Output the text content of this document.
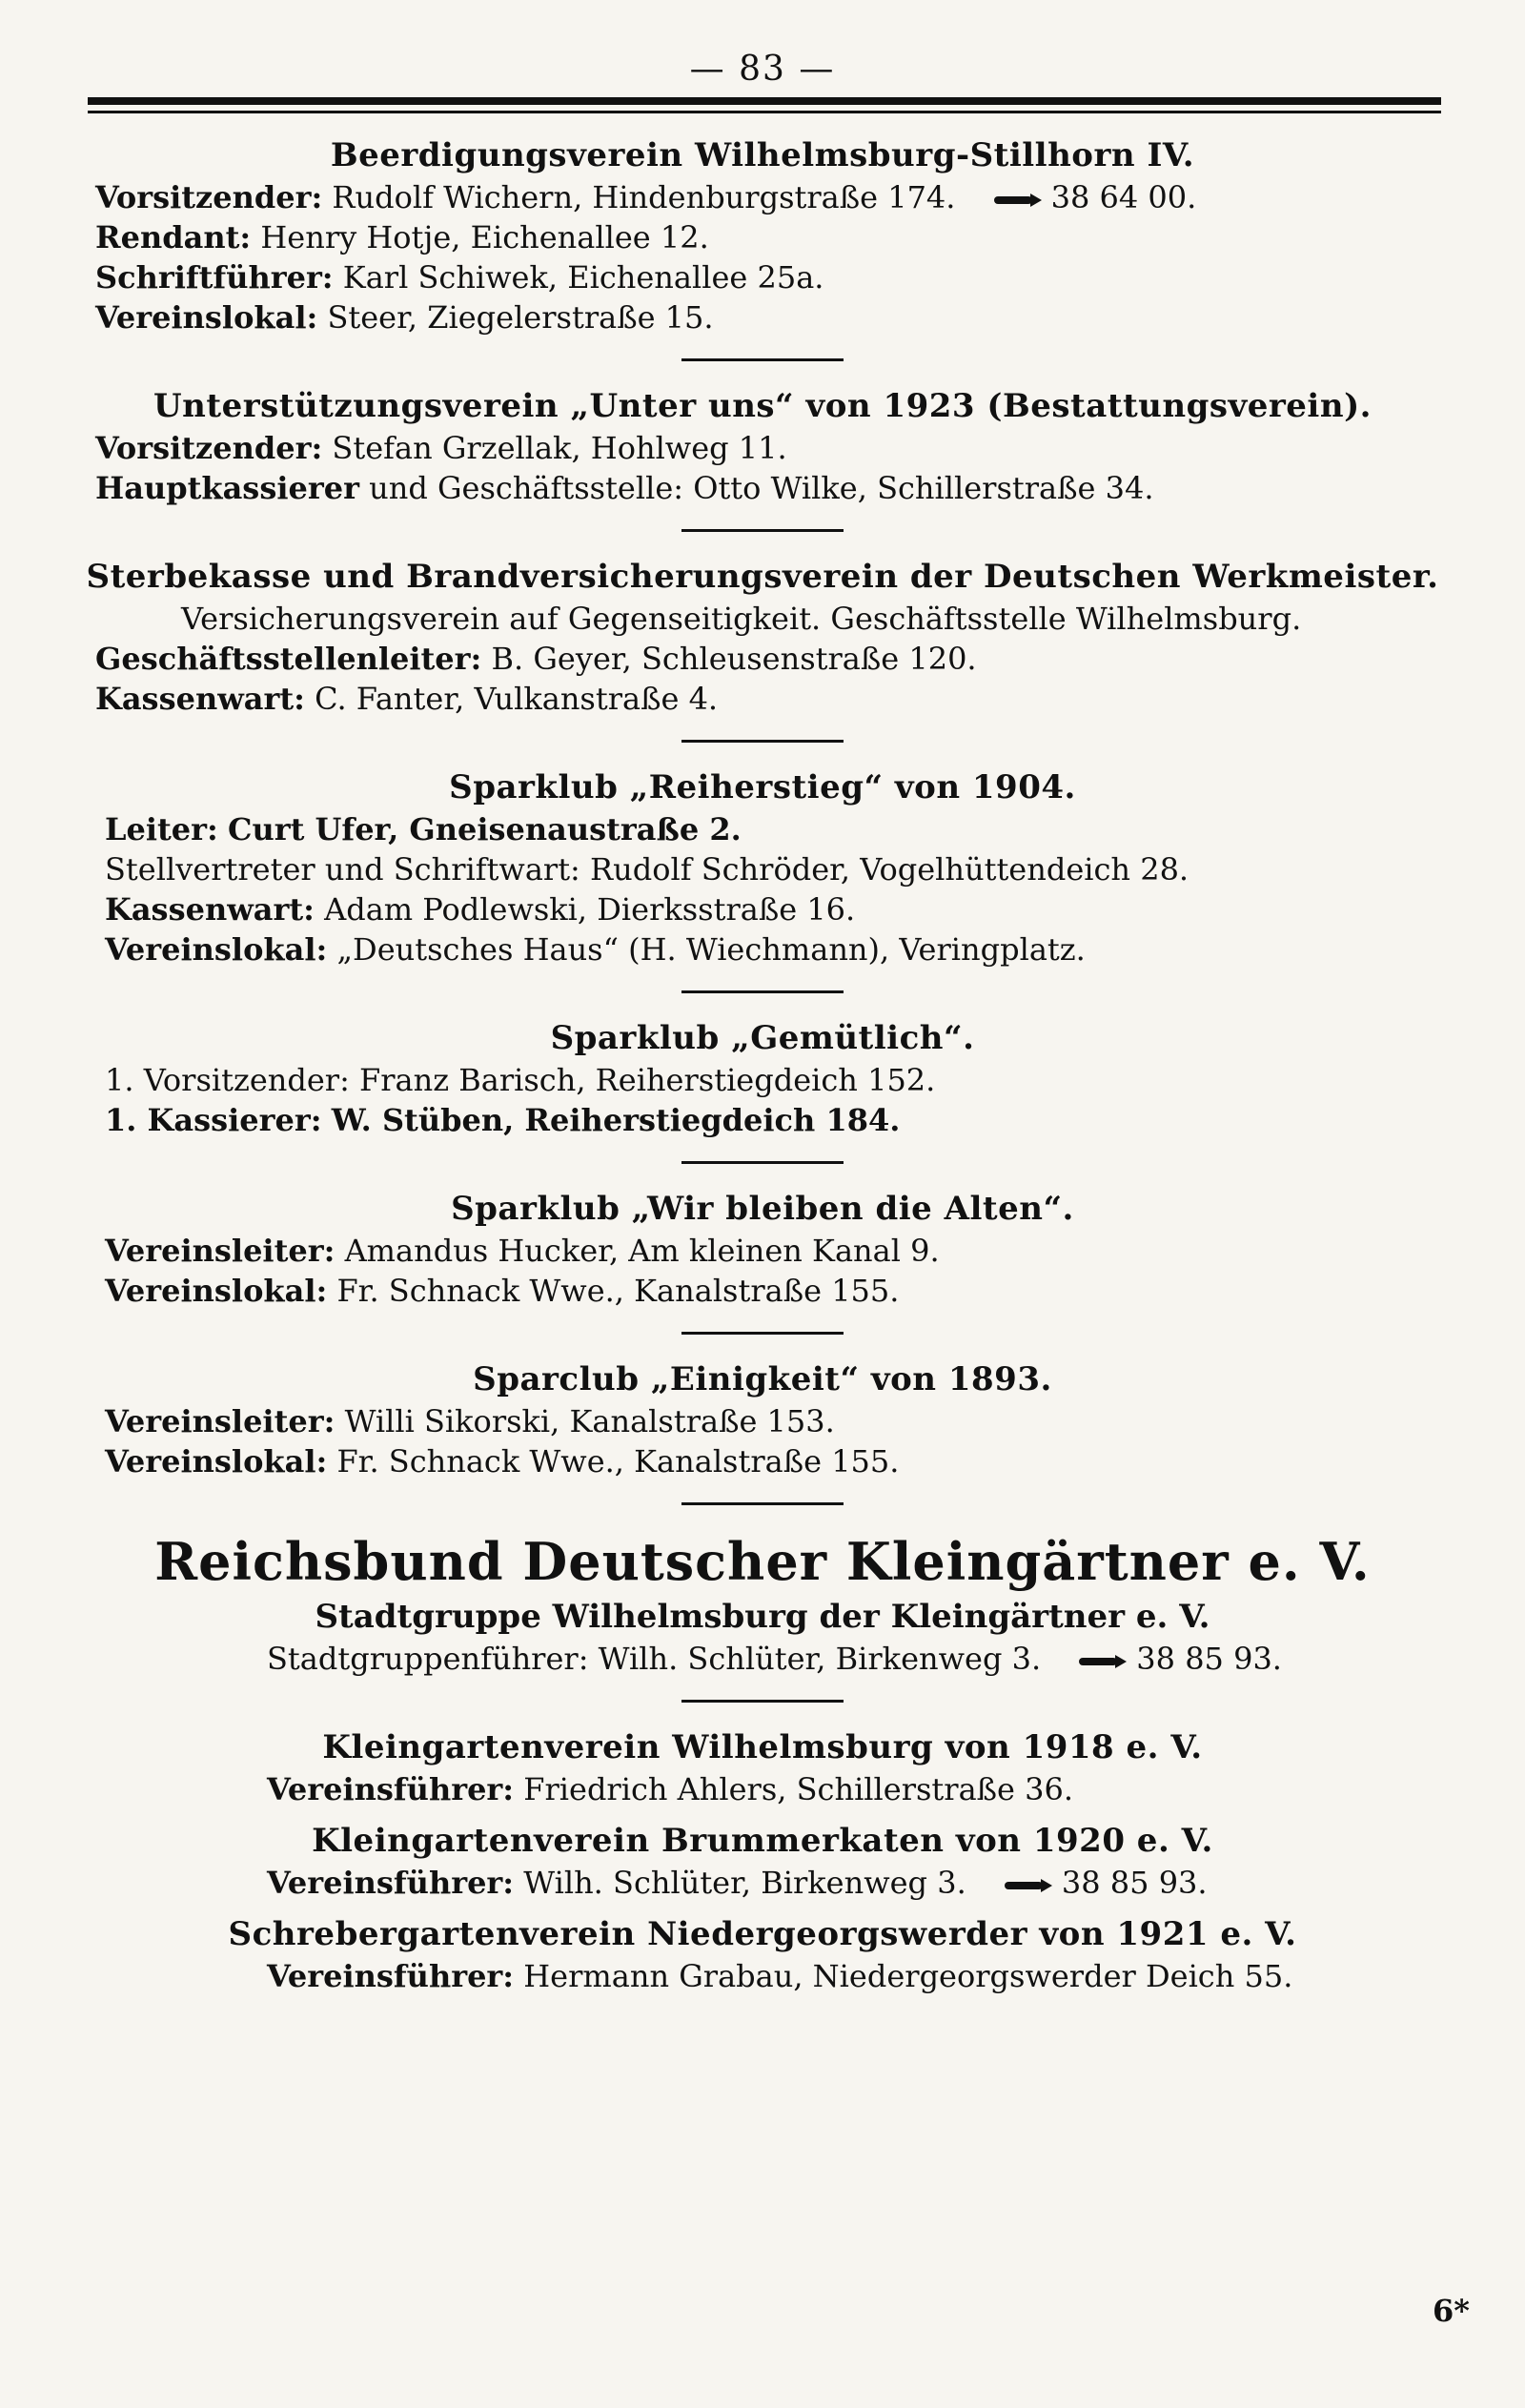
— 83 —

Beerdigungsverein Wilhelmsburg-Stillhorn IV.

Vorsitzender: Rudolf Wichern, Hindenburgstraße 174.	38 64 00.

Rendant: Henry Hotje, Eichenallee 12.

Schriftführer: Karl Schiwek, Eichenallee 25a.

Vereinslokal: Steer, Ziegelerstraße 15.

Unterstützungsverein „Unter uns“ von 1923 (Bestattungsverein).

Vorsitzender: Stefan Grzellak, Hohlweg 11.

Hauptkassierer und Geschäftsstelle: Otto Wilke, Schillerstraße 34.

Sterbekasse und Brandversicherungsverein der Deutschen Werkmeister.

Versicherungsverein auf Gegenseitigkeit. Geschäftsstelle Wilhelmsburg.

Geschäftsstellenleiter: B. Geyer, Schleusenstraße 120.

Kassenwart: C. Fanter, Vulkanstraße 4.

Sparklub „Reiherstieg“ von 1904.

Leiter: Curt Ufer, Gneisenaustraße 2.

Stellvertreter und Schriftwart: Rudolf Schröder, Vogelhüttendeich 28.

Kassenwart: Adam Podlewski, Dierksstraße 16.

Vereinslokal: „Deutsches Haus“ (H. Wiechmann), Veringplatz.

Sparklub „Gemütlich“.

1. Vorsitzender: Franz Barisch, Reiherstiegdeich 152.

1. Kassierer: W. Stüben, Reiherstiegdeich 184.

Sparklub „Wir bleiben die Alten“.

Vereinsleiter: Amandus Hucker, Am kleinen Kanal 9.

Vereinslokal: Fr. Schnack Wwe., Kanalstraße 155.

Sparclub „Einigkeit“ von 1893.

Vereinsleiter: Willi Sikorski, Kanalstraße 153.

Vereinslokal: Fr. Schnack Wwe., Kanalstraße 155.

Reichsbund Deutscher Kleingärtner e. V.

Stadtgruppe Wilhelmsburg der Kleingärtner e. V.

Stadtgruppenführer: Wilh. Schlüter, Birkenweg 3.	38 85 93.

Kleingartenverein Wilhelmsburg von 1918 e. V.

Vereinsführer: Friedrich Ahlers, Schillerstraße 36.

Kleingartenverein Brummerkaten von 1920 e. V.

Vereinsführer: Wilh. Schlüter, Birkenweg 3.	38 85 93.

Schrebergartenverein Niedergeorgswerder von 1921 e. V.

Vereinsführer: Hermann Grabau, Niedergeorgswerder Deich 55.

6*
